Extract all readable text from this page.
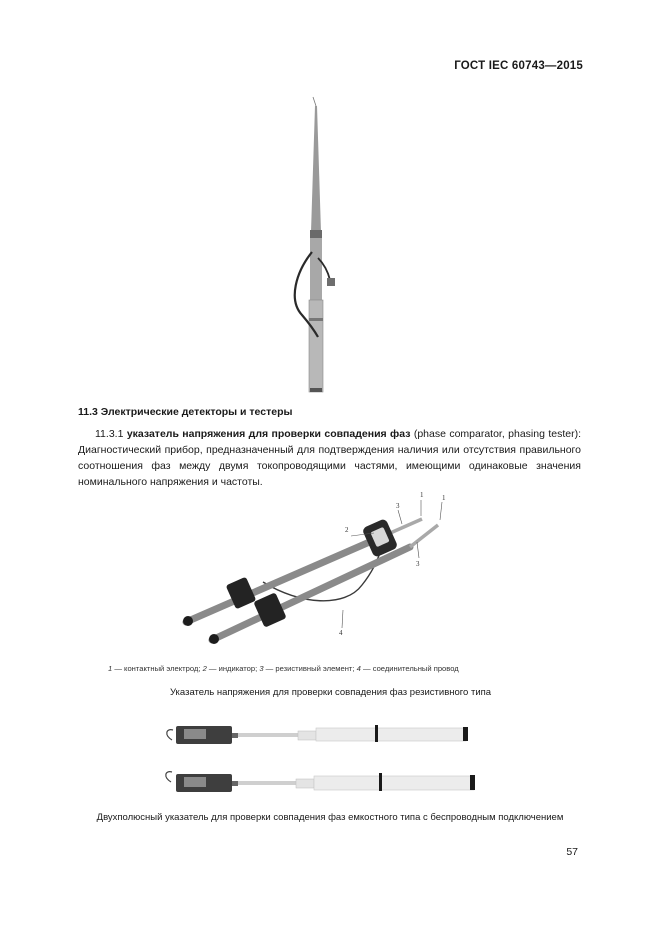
2
3
1	1
3
4
ГОСТ IEC 60743—2015
11.3 Электрические детекторы и тестеры
11.3.1 указатель напряжения для проверки совпадения фаз (phase comparator, phasing tester): Диагностический прибор, предназначенный для подтверждения наличия или отсутствия правильного соотношения фаз между двумя токопроводящими частями, имеющими одинаковые значения номинального напряжения и частоты.
1 — контактный электрод; 2 — индикатор; 3 — резистивный элемент; 4 — соединительный провод
Указатель напряжения для проверки совпадения фаз резистивного типа
Двухполюсный указатель для проверки совпадения фаз емкостного типа с беспроводным подключением
57
